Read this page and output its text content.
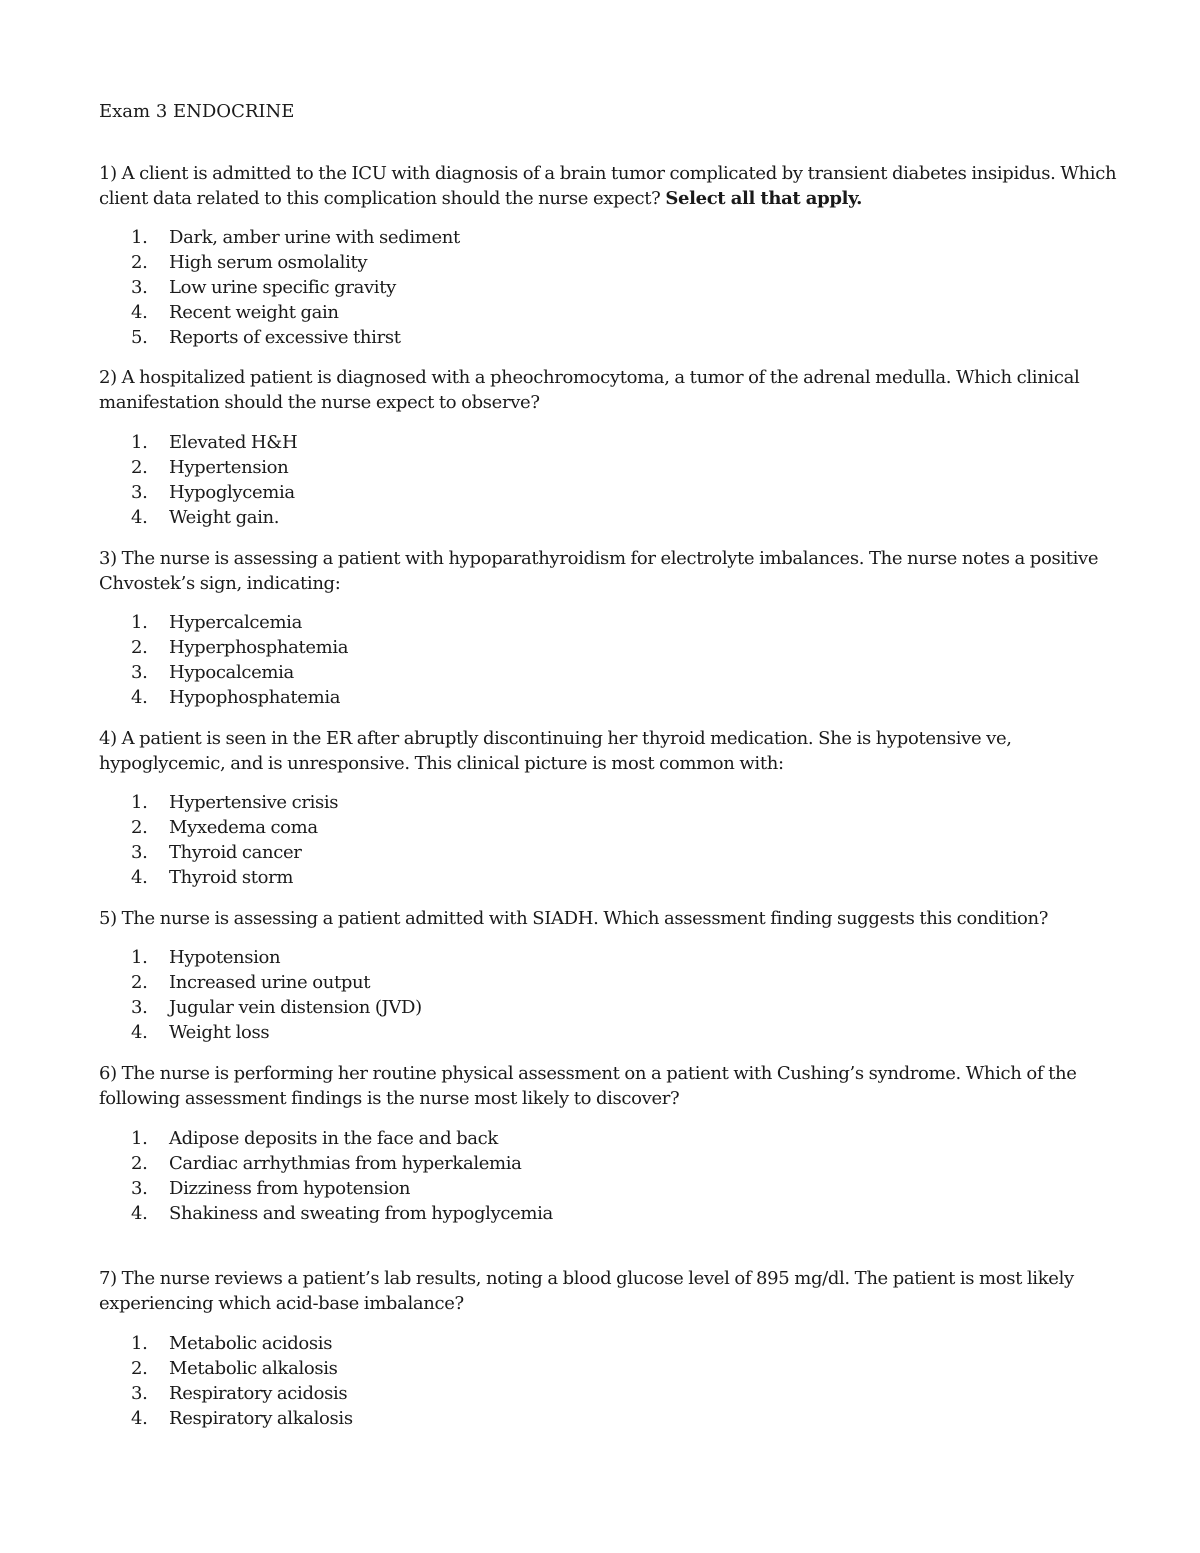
Exam 3 ENDOCRINE
1) A client is admitted to the ICU with diagnosis of a brain tumor complicated by transient diabetes insipidus. Which
client data related to this complication should the nurse expect? Select all that apply.
1. Dark, amber urine with sediment
2. High serum osmolality
3. Low urine specific gravity
4. Recent weight gain
5. Reports of excessive thirst
2) A hospitalized patient is diagnosed with a pheochromocytoma, a tumor of the adrenal medulla. Which clinical
manifestation should the nurse expect to observe?
1. Elevated H&H
2. Hypertension
3. Hypoglycemia
4. Weight gain.
3) The nurse is assessing a patient with hypoparathyroidism for electrolyte imbalances. The nurse notes a positive
Chvostek’s sign, indicating:
1. Hypercalcemia
2. Hyperphosphatemia
3. Hypocalcemia
4. Hypophosphatemia
4) A patient is seen in the ER after abruptly discontinuing her thyroid medication. She is hypotensive ve,
hypoglycemic, and is unresponsive. This clinical picture is most common with:
1. Hypertensive crisis
2. Myxedema coma
3. Thyroid cancer
4. Thyroid storm
5) The nurse is assessing a patient admitted with SIADH. Which assessment finding suggests this condition?
1. Hypotension
2. Increased urine output
3. Jugular vein distension (JVD)
4. Weight loss
6) The nurse is performing her routine physical assessment on a patient with Cushing’s syndrome. Which of the
following assessment findings is the nurse most likely to discover?
1. Adipose deposits in the face and back
2. Cardiac arrhythmias from hyperkalemia
3. Dizziness from hypotension
4. Shakiness and sweating from hypoglycemia
7) The nurse reviews a patient’s lab results, noting a blood glucose level of 895 mg/dl. The patient is most likely
experiencing which acid-base imbalance?
1. Metabolic acidosis
2. Metabolic alkalosis
3. Respiratory acidosis
4. Respiratory alkalosis
